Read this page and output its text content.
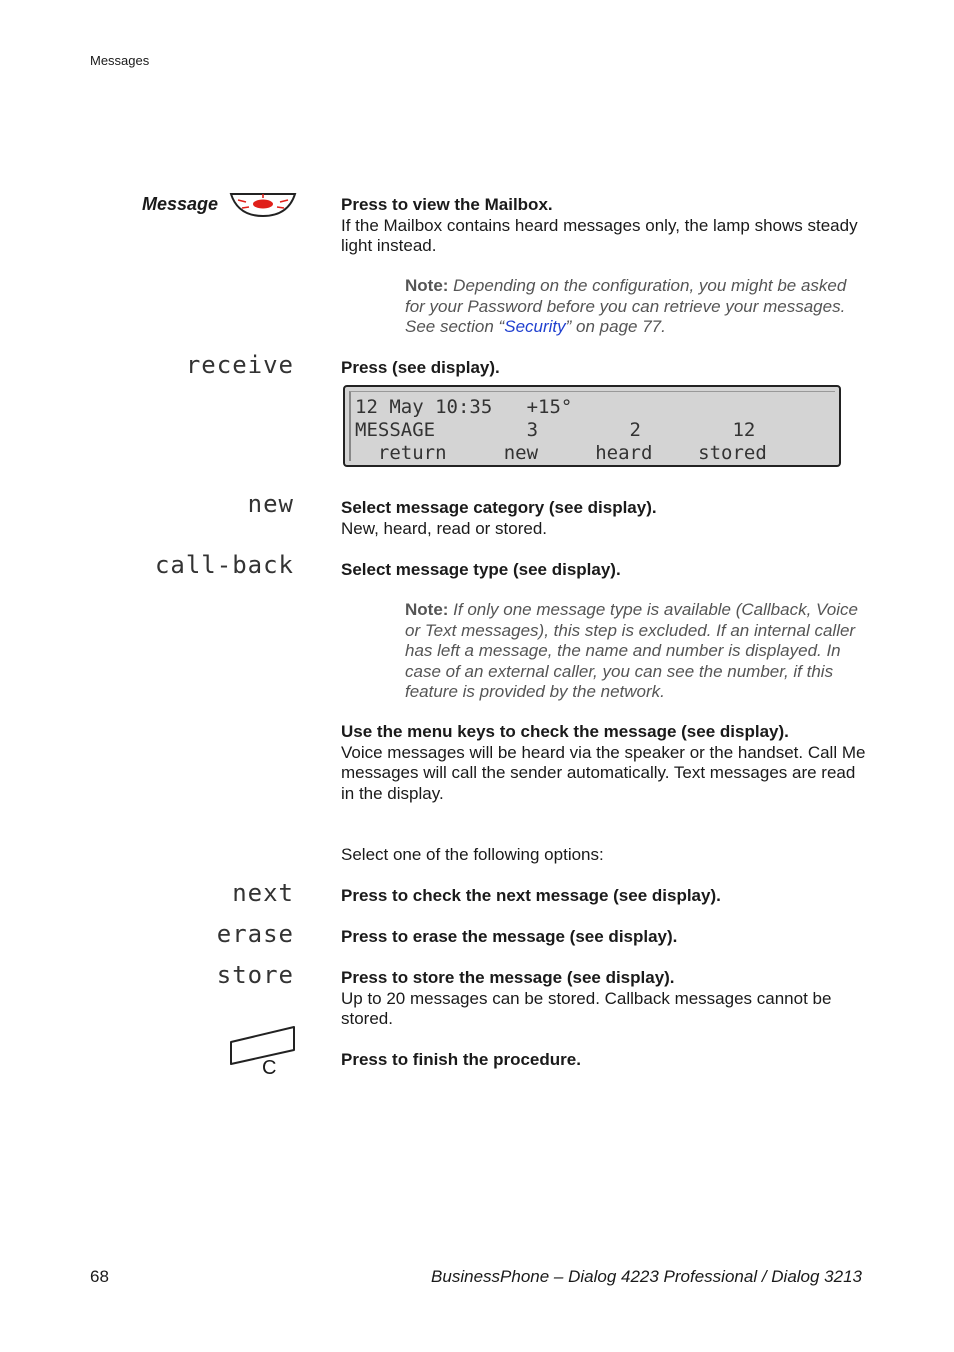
Messages
Message	Press to view the Mailbox.
If the Mailbox contains heard messages only, the lamp shows steady light instead.
Note: Depending on the configuration, you might be asked for your Password before you can retrieve your messages. See section “Security” on page 77.
receive	Press (see display).
12 May 10:35   +15°
MESSAGE        3        2        12
return     new     heard    stored
new	Select message category (see display).
New, heard, read or stored.
call-back	Select message type (see display).
Note: If only one message type is available (Callback, Voice or Text messages), this step is excluded. If an internal caller has left a message, the name and number is displayed. In case of an external caller, you can see the number, if this feature is provided by the network.
Use the menu keys to check the message (see display).
Voice messages will be heard via the speaker or the handset. Call Me messages will call the sender automatically. Text messages are read in the display.
Select one of the following options:
next	Press to check the next message (see display).
erase	Press to erase the message (see display).
store	Press to store the message (see display).
Up to 20 messages can be stored. Callback messages cannot be stored.
C	Press to finish the procedure.
68	BusinessPhone – Dialog 4223 Professional / Dialog 3213
